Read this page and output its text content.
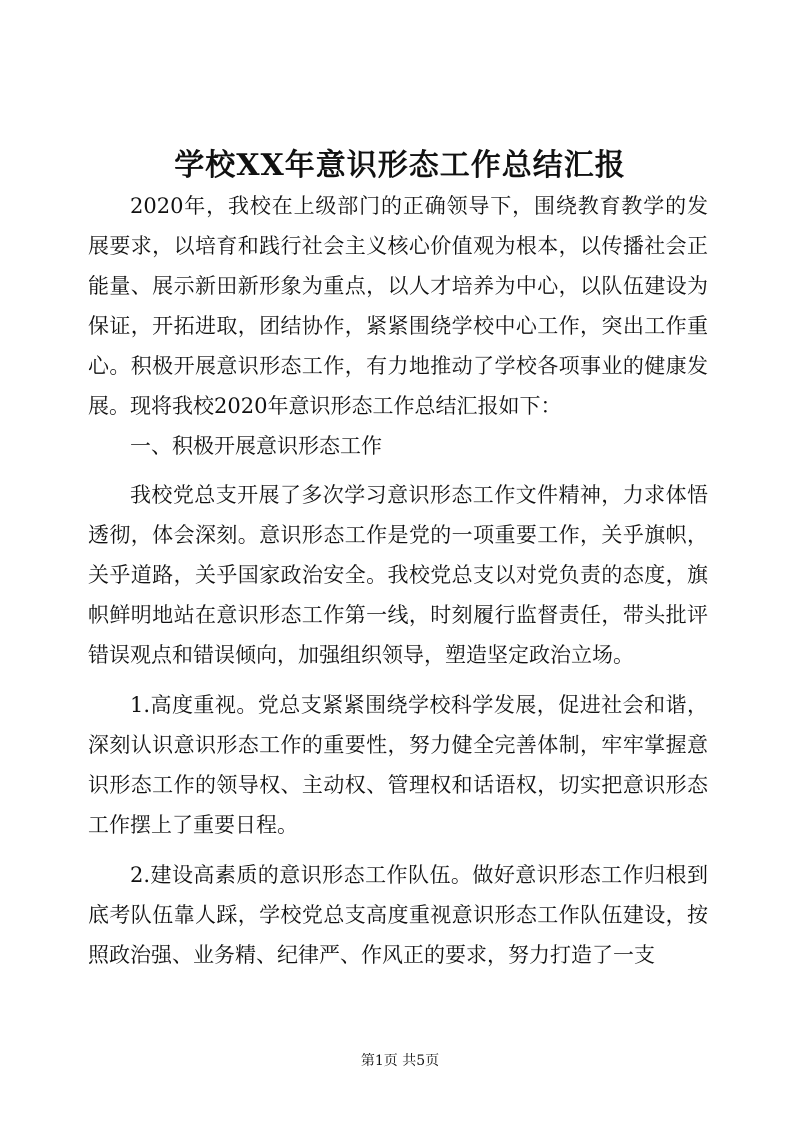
学校XX年意识形态工作总结汇报

2020年，我校在上级部门的正确领导下，围绕教育教学的发展要求，以培育和践行社会主义核心价值观为根本，以传播社会正能量、展示新田新形象为重点，以人才培养为中心，以队伍建设为保证，开拓进取，团结协作，紧紧围绕学校中心工作，突出工作重心。积极开展意识形态工作，有力地推动了学校各项事业的健康发展。现将我校2020年意识形态工作总结汇报如下：

一、积极开展意识形态工作

我校党总支开展了多次学习意识形态工作文件精神，力求体悟透彻，体会深刻。意识形态工作是党的一项重要工作，关乎旗帜，关乎道路，关乎国家政治安全。我校党总支以对党负责的态度，旗帜鲜明地站在意识形态工作第一线，时刻履行监督责任，带头批评错误观点和错误倾向，加强组织领导，塑造坚定政治立场。

1.高度重视。党总支紧紧围绕学校科学发展，促进社会和谐，深刻认识意识形态工作的重要性，努力健全完善体制，牢牢掌握意识形态工作的领导权、主动权、管理权和话语权，切实把意识形态工作摆上了重要日程。

2.建设高素质的意识形态工作队伍。做好意识形态工作归根到底考队伍靠人踩，学校党总支高度重视意识形态工作队伍建设，按照政治强、业务精、纪律严、作风正的要求，努力打造了一支

第1页 共5页
